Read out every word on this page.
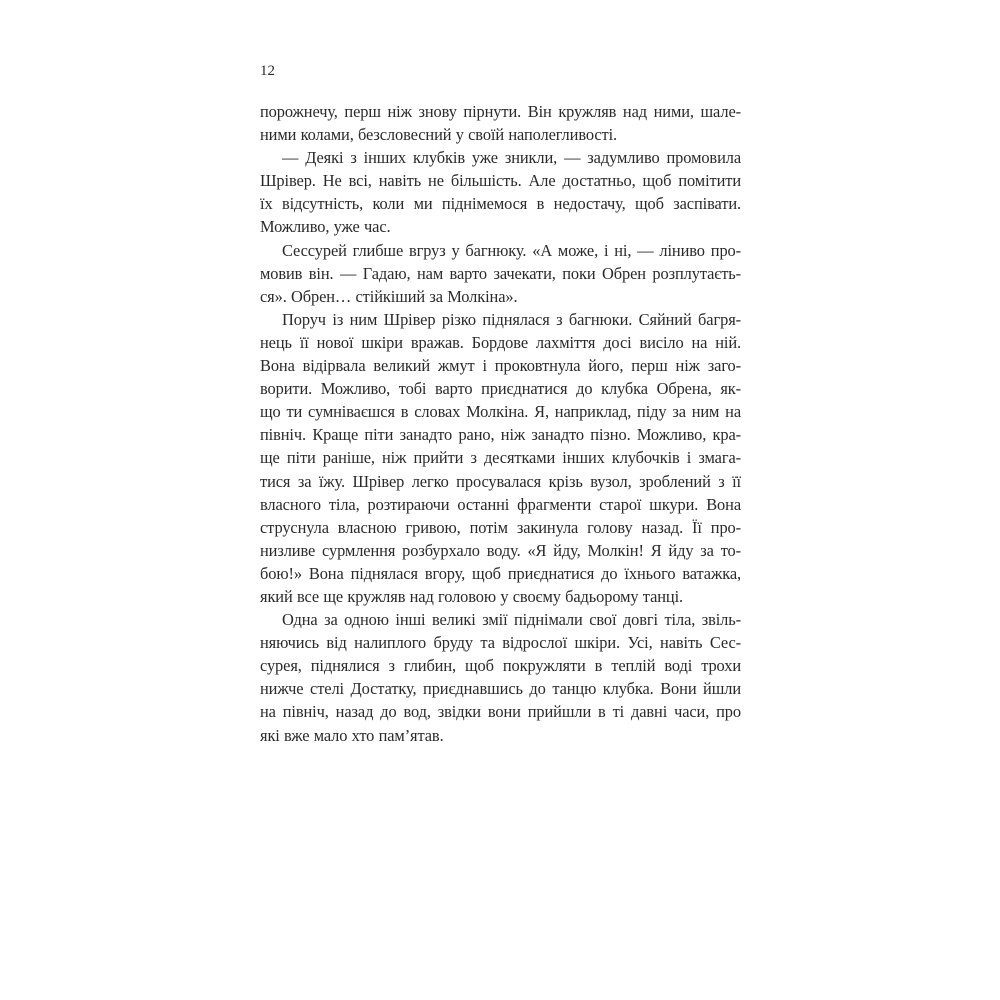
12
порожнечу, перш ніж знову пірнути. Він кружляв над ними, шале-
ними колами, безсловесний у своїй наполегливості.
— Деякі з інших клубків уже зникли, — задумливо промовила
Шрівер. Не всі, навіть не більшість. Але достатньо, щоб помітити
їх відсутність, коли ми піднімемося в недостачу, щоб заспівати.
Можливо, уже час.
Сессурей глибше вгруз у багнюку. «А може, і ні, — ліниво про-
мовив він. — Гадаю, нам варто зачекати, поки Обрен розплутаєть-
ся». Обрен… стійкіший за Молкіна».
Поруч із ним Шрівер різко піднялася з багнюки. Сяйний багря-
нець її нової шкіри вражав. Бордове лахміття досі висіло на ній.
Вона відірвала великий жмут і проковтнула його, перш ніж заго-
ворити. Можливо, тобі варто приєднатися до клубка Обрена, як-
що ти сумніваєшся в словах Молкіна. Я, наприклад, піду за ним на
північ. Краще піти занадто рано, ніж занадто пізно. Можливо, кра-
ще піти раніше, ніж прийти з десятками інших клубочків і змага-
тися за їжу. Шрівер легко просувалася крізь вузол, зроблений з її
власного тіла, розтираючи останні фрагменти старої шкури. Вона
струснула власною гривою, потім закинула голову назад. Її про-
низливе сурмлення розбурхало воду. «Я йду, Молкін! Я йду за то-
бою!» Вона піднялася вгору, щоб приєднатися до їхнього ватажка,
який все ще кружляв над головою у своєму бадьорому танці.
Одна за одною інші великі змії піднімали свої довгі тіла, звіль-
няючись від налиплого бруду та відрослої шкіри. Усі, навіть Сес-
сурея, піднялися з глибин, щоб покружляти в теплій воді трохи
нижче стелі Достатку, приєднавшись до танцю клубка. Вони йшли
на північ, назад до вод, звідки вони прийшли в ті давні часи, про
які вже мало хто пам’ятав.
